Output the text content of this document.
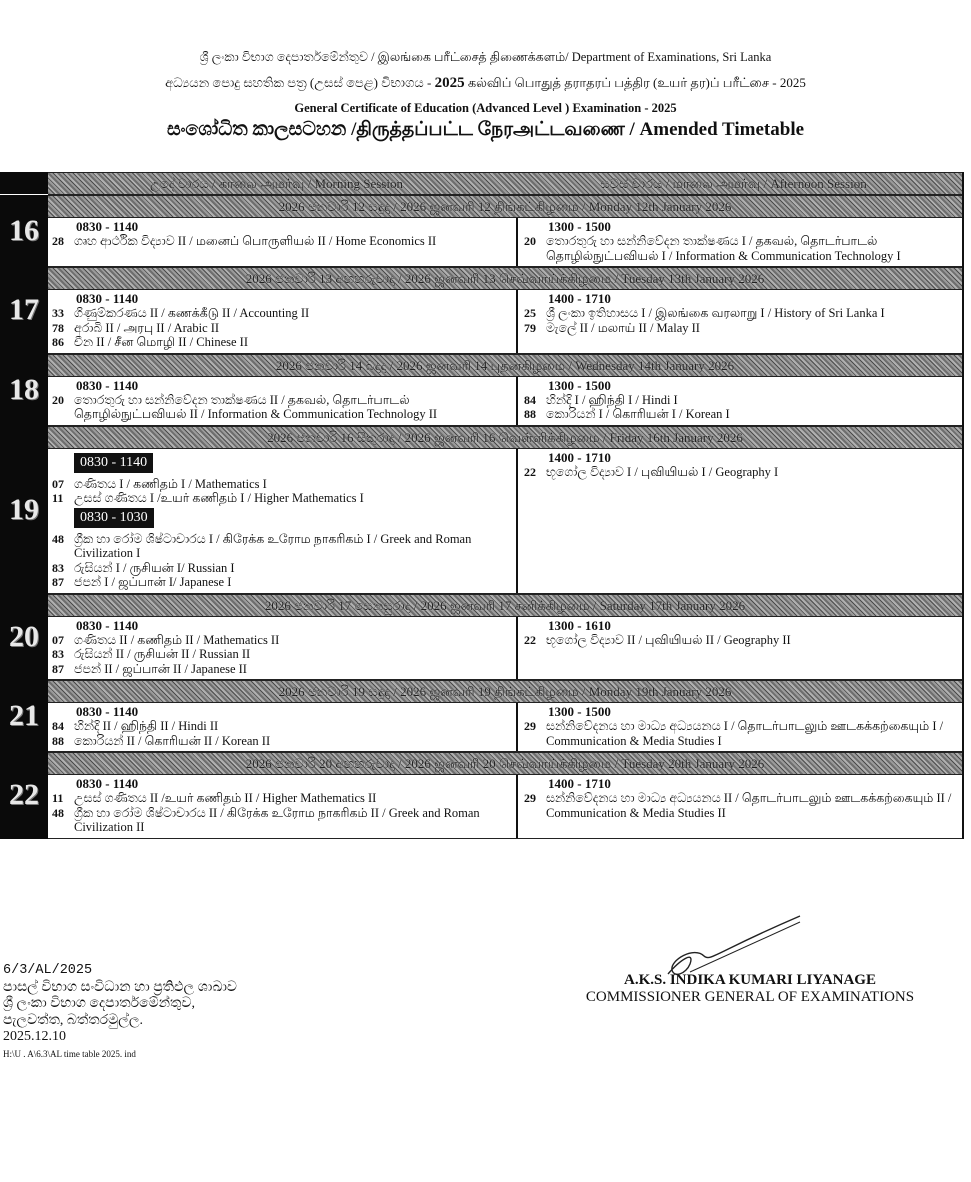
ශ්‍රී ලංකා විභාග දෙපාර්තමේන්තුව / இலங்கை பரீட்சைத் திணைக்களம்/ Department of Examinations, Sri Lanka
අධ්‍යයන පොදු සහතික පත්‍ර (උසස් පෙළ) විභාගය - 2025 கல்விப் பொதுத் தராதரப் பத்திர (உயர் தர)ப் பரீட்சை - 2025
General Certificate of Education (Advanced Level ) Examination - 2025
සංශෝධිත කාලසටහන /திருத்தப்பட்ட நேரஅட்டவணை / Amended Timetable
උදේ වාරය / காலை அமர்வு / Morning Session	සවස් වාරය / மாலை அமர்வு / Afternoon Session
16
2026 ජනවාරි 12 සඳුදා / 2026 ஜனவரி 12 திங்கட்கிழமை / Monday 12th January 2026
0830 - 1140
28 ගෘහ ආර්ථික විද්‍යාව II / மனைப் பொருளியல் II / Home Economics II
1300 - 1500
20 තොරතුරු හා සන්නිවේදන තාක්ෂණය I / தகவல், தொடர்பாடல் தொழில்நுட்பவியல் I / Information & Communication Technology I
17
2026 ජනවාරි 13 අඟහරුවාදා / 2026 ஜனவரி 13 செவ்வாய்க்கிழமை / Tuesday 13th January 2026
0830 - 1140
33 ගිණුම්කරණය II / கணக்கீடு II / Accounting II
78 අරාබි II / அரபு II / Arabic II
86 චීන II / சீன மொழி II / Chinese II
1400 - 1710
25 ශ්‍රී ලංකා ඉතිහාසය I / இலங்கை வரலாறு I / History of Sri Lanka I
79 මැලේ II / மலாய் II / Malay II
18
2026 ජනවාරි 14 බදාදා / 2026 ஜனவரி 14 புதன்கிழமை / Wednesday 14th January 2026
0830 - 1140
20 තොරතුරු හා සන්නිවේදන තාක්ෂණය II / தகவல், தொடர்பாடல் தொழில்நுட்பவியல் II / Information & Communication Technology II
1300 - 1500
84 හින්දි I / ஹிந்தி I / Hindi I
88 කොරියන් I / கொரியன் I / Korean I
19
2026 ජනවාරි 16 සිකුරාදා / 2026 ஜனவரி 16 வெள்ளிக்கிழமை / Friday 16th January 2026
0830 - 1140

07 ගණිතය I / கணிதம் I / Mathematics I
11 උසස් ගණිතය I /உயர் கணிதம் I / Higher Mathematics I
0830 - 1030

48 ග්‍රීක හා රෝම ශිෂ්ටාචාරය I / கிரேக்க உரோம நாகரிகம் I / Greek and Roman Civilization I
83 රුසියන් I / ருசியன் I/ Russian I
87 ජපන් I / ஜப்பான் I/ Japanese I
1400 - 1710
22 භූගෝල විද්‍යාව I / புவியியல் I / Geography I
20
2026 ජනවාරි 17 සෙනසුරාදා / 2026 ஜனவரி 17 சனிக்கிழமை / Saturday 17th January 2026
0830 - 1140
07 ගණිතය II / கணிதம் II / Mathematics II
83 රුසියන් II / ருசியன் II / Russian II
87 ජපන් II / ஜப்பான் II / Japanese II
1300 - 1610
22 භූගෝල විද්‍යාව II / புவியியல் II / Geography II
21
2026 ජනවාරි 19 සඳුදා / 2026 ஜனவரி 19 திங்கட்கிழமை / Monday 19th January 2026
0830 - 1140
84 හින්දි II / ஹிந்தி II / Hindi II
88 කොරියන් II / கொரியன் II / Korean II
1300 - 1500
29 සන්නිවේදනය හා මාධ්‍ය අධ්‍යයනය I / தொடர்பாடலும் ஊடகக்கற்கையும் I / Communication & Media Studies I
22
2026 ජනවාරි 20 අඟහරුවාදා / 2026 ஜனவரி 20 செவ்வாய்க்கிழமை / Tuesday 20th January 2026
0830 - 1140
11 උසස් ගණිතය II /உயர் கணிதம் II / Higher Mathematics II
48 ග්‍රීක හා රෝම ශිෂ්ටාචාරය II / கிரேக்க உரோம நாகரிகம் II / Greek and Roman Civilization II
1400 - 1710
29 සන්නිවේදනය හා මාධ්‍ය අධ්‍යයනය II / தொடர்பாடலும் ஊடகக்கற்கையும் II / Communication & Media Studies II
6/3/AL/2025
පාසල් විභාග සංවිධාන හා ප්‍රතිඵල ශාඛාව
ශ්‍රී ලංකා විභාග දෙපාර්තමේන්තුව,
පැලවත්ත, බත්තරමුල්ල.
2025.12.10
H:\U . A\6.3\AL time table 2025. ind
A.K.S. INDIKA KUMARI LIYANAGE
COMMISSIONER GENERAL OF EXAMINATIONS
